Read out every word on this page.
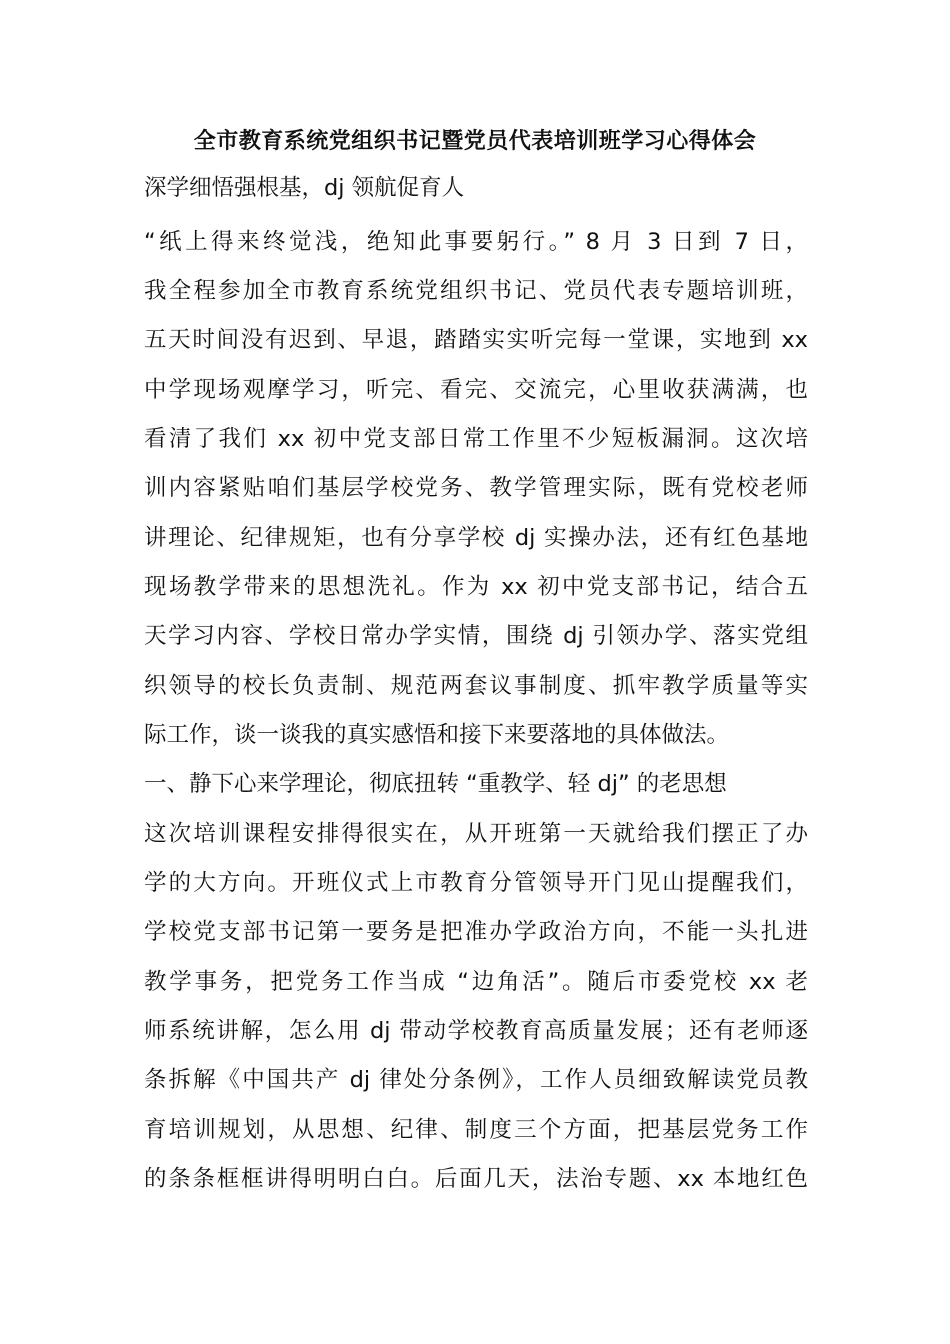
全市教育系统党组织书记暨党员代表培训班学习心得体会

深学细悟强根基，dj 领航促育人

“纸上得来终觉浅，绝知此事要躬行。” 8 月 3 日到 7 日，

我全程参加全市教育系统党组织书记、党员代表专题培训班，

五天时间没有迟到、早退，踏踏实实听完每一堂课，实地到 xx

中学现场观摩学习，听完、看完、交流完，心里收获满满，也

看清了我们 xx 初中党支部日常工作里不少短板漏洞。这次培

训内容紧贴咱们基层学校党务、教学管理实际，既有党校老师

讲理论、纪律规矩，也有分享学校 dj 实操办法，还有红色基地

现场教学带来的思想洗礼。作为 xx 初中党支部书记，结合五

天学习内容、学校日常办学实情，围绕 dj 引领办学、落实党组

织领导的校长负责制、规范两套议事制度、抓牢教学质量等实

际工作，谈一谈我的真实感悟和接下来要落地的具体做法。

一、静下心来学理论，彻底扭转 “重教学、轻 dj” 的老思想

这次培训课程安排得很实在，从开班第一天就给我们摆正了办

学的大方向。开班仪式上市教育分管领导开门见山提醒我们，

学校党支部书记第一要务是把准办学政治方向，不能一头扎进

教学事务，把党务工作当成 “边角活”。随后市委党校 xx 老

师系统讲解，怎么用 dj 带动学校教育高质量发展；还有老师逐

条拆解《中国共产 dj 律处分条例》，工作人员细致解读党员教

育培训规划，从思想、纪律、制度三个方面，把基层党务工作

的条条框框讲得明明白白。后面几天，法治专题、xx 本地红色
